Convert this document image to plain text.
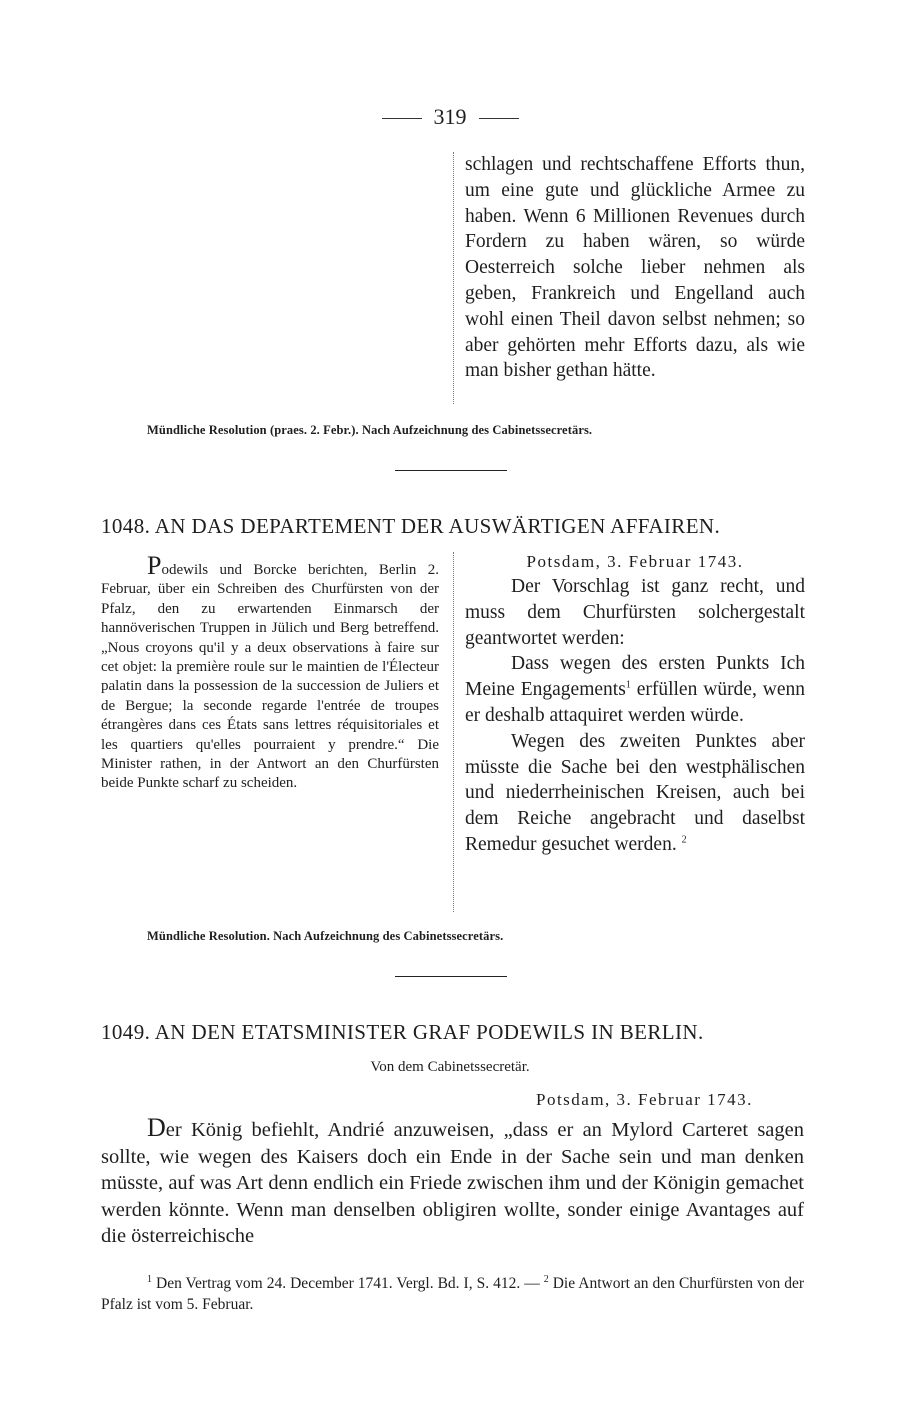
319

schlagen und rechtschaffene Efforts thun, um eine gute und glückliche Armee zu haben. Wenn 6 Millionen Revenues durch Fordern zu haben wären, so würde Oesterreich solche lieber nehmen als geben, Frankreich und Engelland auch wohl einen Theil davon selbst nehmen; so aber gehörten mehr Efforts dazu, als wie man bisher gethan hätte.

Mündliche Resolution (praes. 2. Febr.). Nach Aufzeichnung des Cabinetssecretärs.
1048. AN DAS DEPARTEMENT DER AUSWÄRTIGEN AFFAIREN.

Podewils und Borcke berichten, Berlin 2. Februar, über ein Schreiben des Churfürsten von der Pfalz, den zu erwartenden Einmarsch der hannöverischen Truppen in Jülich und Berg betreffend. „Nous croyons qu'il y a deux observations à faire sur cet objet: la première roule sur le maintien de l'Électeur palatin dans la possession de la succession de Juliers et de Bergue; la seconde regarde l'entrée de troupes étrangères dans ces États sans lettres réquisitoriales et les quartiers qu'elles pourraient y prendre.“ Die Minister rathen, in der Antwort an den Churfürsten beide Punkte scharf zu scheiden.

Potsdam, 3. Februar 1743.

Der Vorschlag ist ganz recht, und muss dem Churfürsten solchergestalt geantwortet werden:

Dass wegen des ersten Punkts Ich Meine Engagements$^1$ erfüllen würde, wenn er deshalb attaquiret werden würde.

Wegen des zweiten Punktes aber müsste die Sache bei den westphälischen und niederrheinischen Kreisen, auch bei dem Reiche angebracht und daselbst Remedur gesuchet werden. $^2$

Mündliche Resolution. Nach Aufzeichnung des Cabinetssecretärs.
1049. AN DEN ETATSMINISTER GRAF PODEWILS IN BERLIN.
Von dem Cabinetssecretär.
Potsdam, 3. Februar 1743.

Der König befiehlt, Andrié anzuweisen, „dass er an Mylord Carteret sagen sollte, wie wegen des Kaisers doch ein Ende in der Sache sein und man denken müsste, auf was Art denn endlich ein Friede zwischen ihm und der Königin gemachet werden könnte. Wenn man denselben obligiren wollte, sonder einige Avantages auf die österreichische

$^1$ Den Vertrag vom 24. December 1741. Vergl. Bd. I, S. 412. — $^2$ Die Antwort an den Churfürsten von der Pfalz ist vom 5. Februar.
